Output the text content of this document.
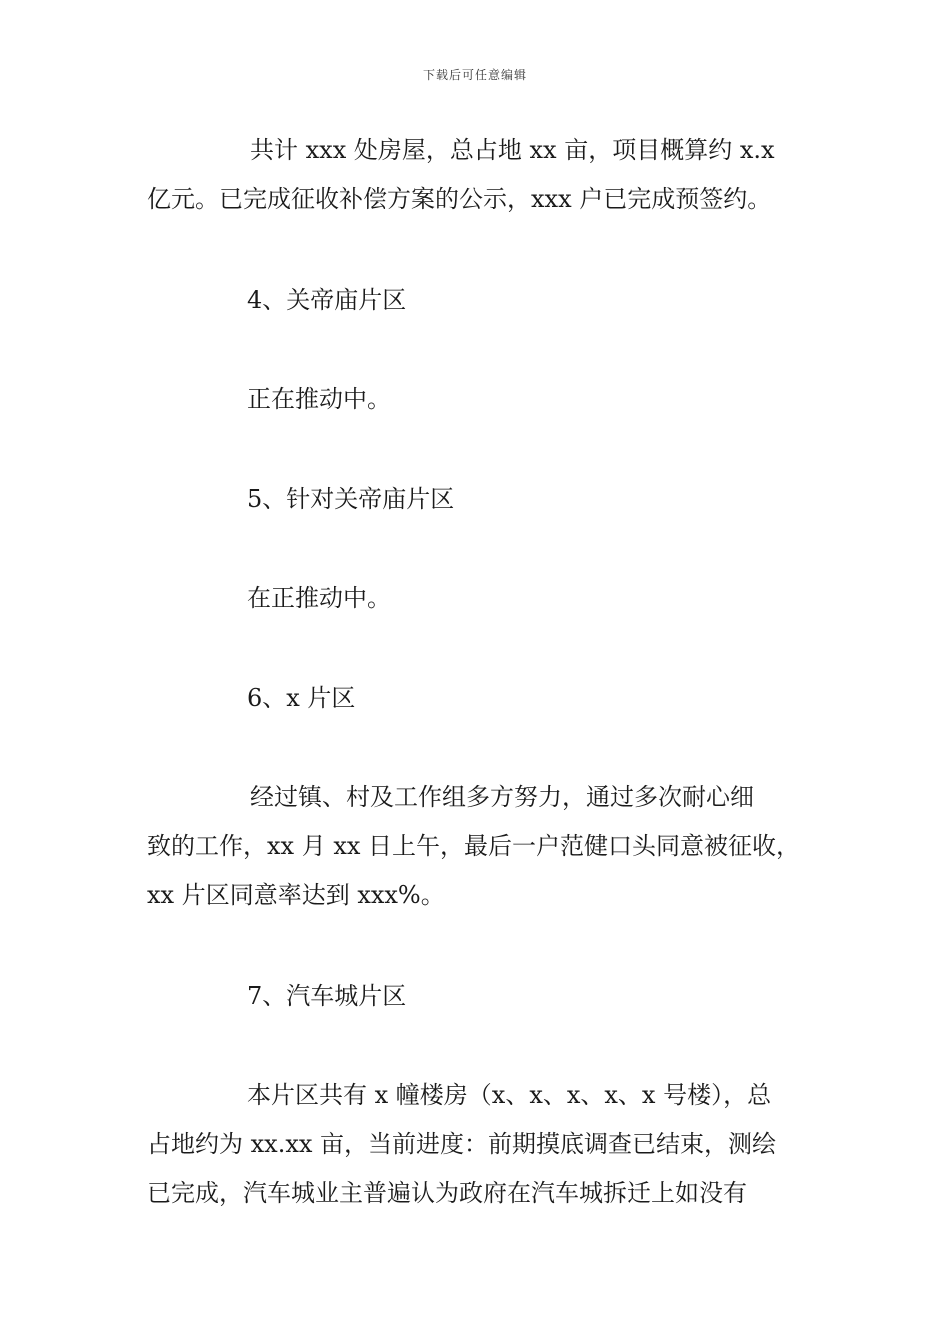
下载后可任意编辑
共计 xxx 处房屋，总占地 xx 亩，项目概算约 x.x
亿元。已完成征收补偿方案的公示，xxx 户已完成预签约。
4、关帝庙片区
正在推动中。
5、针对关帝庙片区
在正推动中。
6、x 片区
经过镇、村及工作组多方努力，通过多次耐心细
致的工作，xx 月 xx 日上午，最后一户范健口头同意被征收，
xx 片区同意率达到 xxx%。
7、汽车城片区
本片区共有 x 幢楼房（x、x、x、x、x 号楼），总
占地约为 xx.xx 亩，当前进度：前期摸底调查已结束，测绘
已完成，汽车城业主普遍认为政府在汽车城拆迁上如没有
